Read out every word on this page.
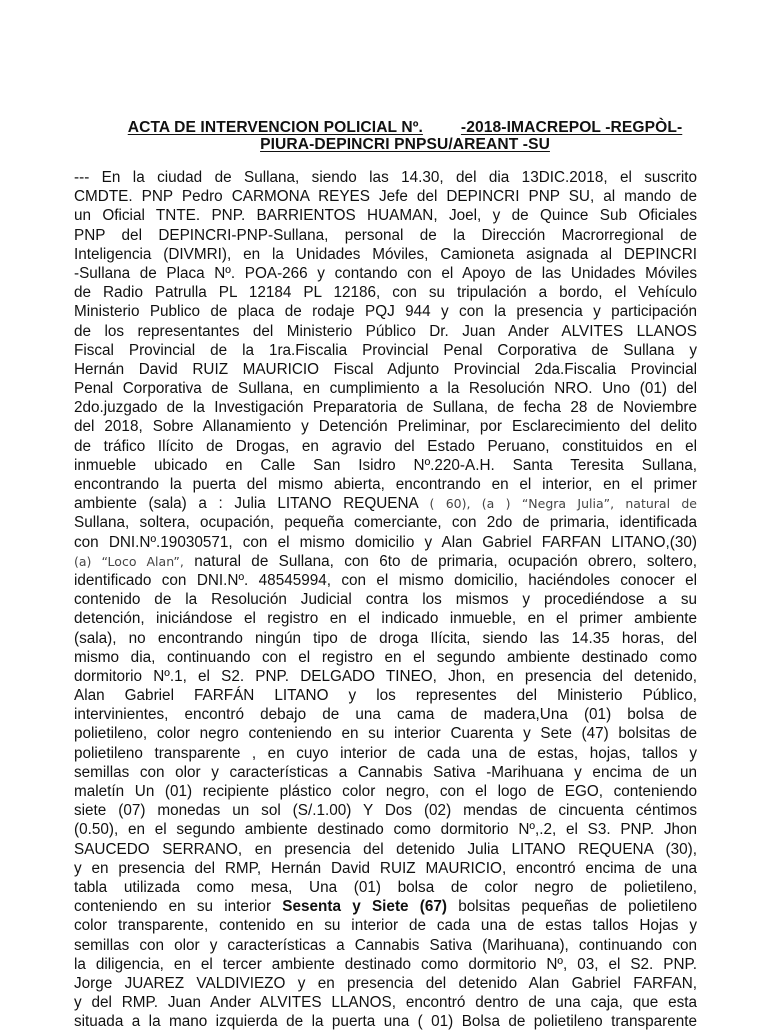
ACTA DE INTERVENCION POLICIAL Nº. -2018-IMACREPOL -REGPÒL-
PIURA-DEPINCRI PNPSU/AREANT -SU
--- En la ciudad de Sullana, siendo las 14.30, del dia 13DIC.2018, el suscrito
CMDTE. PNP Pedro CARMONA REYES Jefe del DEPINCRI PNP SU, al mando de
un Oficial TNTE. PNP. BARRIENTOS HUAMAN, Joel, y de Quince Sub Oficiales
PNP del DEPINCRI-PNP-Sullana, personal de la Dirección Macrorregional de
Inteligencia (DIVMRI), en la Unidades Móviles, Camioneta asignada al DEPINCRI
-Sullana de Placa Nº. POA-266 y contando con el Apoyo de las Unidades Móviles
de Radio Patrulla PL 12184 PL 12186, con su tripulación a bordo, el Vehículo
Ministerio Publico de placa de rodaje PQJ 944 y con la presencia y participación
de los representantes del Ministerio Público Dr. Juan Ander ALVITES LLANOS
Fiscal Provincial de la 1ra.Fiscalia Provincial Penal Corporativa de Sullana y
Hernán David RUIZ MAURICIO Fiscal Adjunto Provincial 2da.Fiscalia Provincial
Penal Corporativa de Sullana, en cumplimiento a la Resolución NRO. Uno (01) del
2do.juzgado de la Investigación Preparatoria de Sullana, de fecha 28 de Noviembre
del 2018, Sobre Allanamiento y Detención Preliminar, por Esclarecimiento del delito
de tráfico Ilícito de Drogas, en agravio del Estado Peruano, constituidos en el
inmueble ubicado en Calle San Isidro Nº.220-A.H. Santa Teresita Sullana,
encontrando la puerta del mismo abierta, encontrando en el interior, en el primer
ambiente (sala) a : Julia LITANO REQUENA ( 60), (a ) “Negra Julia”, natural de
Sullana, soltera, ocupación, pequeña comerciante, con 2do de primaria, identificada
con DNI.Nº.19030571, con el mismo domicilio y Alan Gabriel FARFAN LITANO,(30)
(a) “Loco Alan”, natural de Sullana, con 6to de primaria, ocupación obrero, soltero,
identificado con DNI.Nº. 48545994, con el mismo domicilio, haciéndoles conocer el
contenido de la Resolución Judicial contra los mismos y procediéndose a su
detención, iniciándose el registro en el indicado inmueble, en el primer ambiente
(sala), no encontrando ningún tipo de droga Ilícita, siendo las 14.35 horas, del
mismo dia, continuando con el registro en el segundo ambiente destinado como
dormitorio Nº.1, el S2. PNP. DELGADO TINEO, Jhon, en presencia del detenido,
Alan Gabriel FARFÁN LITANO y los representes del Ministerio Público,
intervinientes, encontró debajo de una cama de madera,Una (01) bolsa de
polietileno, color negro conteniendo en su interior Cuarenta y Sete (47) bolsitas de
polietileno transparente , en cuyo interior de cada una de estas, hojas, tallos y
semillas con olor y características a Cannabis Sativa -Marihuana y encima de un
maletín Un (01) recipiente plástico color negro, con el logo de EGO, conteniendo
siete (07) monedas un sol (S/.1.00) Y Dos (02) mendas de cincuenta céntimos
(0.50), en el segundo ambiente destinado como dormitorio Nº,.2, el S3. PNP. Jhon
SAUCEDO SERRANO, en presencia del detenido Julia LITANO REQUENA (30),
y en presencia del RMP, Hernán David RUIZ MAURICIO, encontró encima de una
tabla utilizada como mesa, Una (01) bolsa de color negro de polietileno,
conteniendo en su interior Sesenta y Siete (67) bolsitas pequeñas de polietileno
color transparente, contenido en su interior de cada una de estas tallos Hojas y
semillas con olor y características a Cannabis Sativa (Marihuana), continuando con
la diligencia, en el tercer ambiente destinado como dormitorio Nº, 03, el S2. PNP.
Jorge JUAREZ VALDIVIEZO y en presencia del detenido Alan Gabriel FARFAN,
y del RMP. Juan Ander ALVITES LLANOS, encontró dentro de una caja, que esta
situada a la mano izquierda de la puerta una ( 01) Bolsa de polietileno transparente
